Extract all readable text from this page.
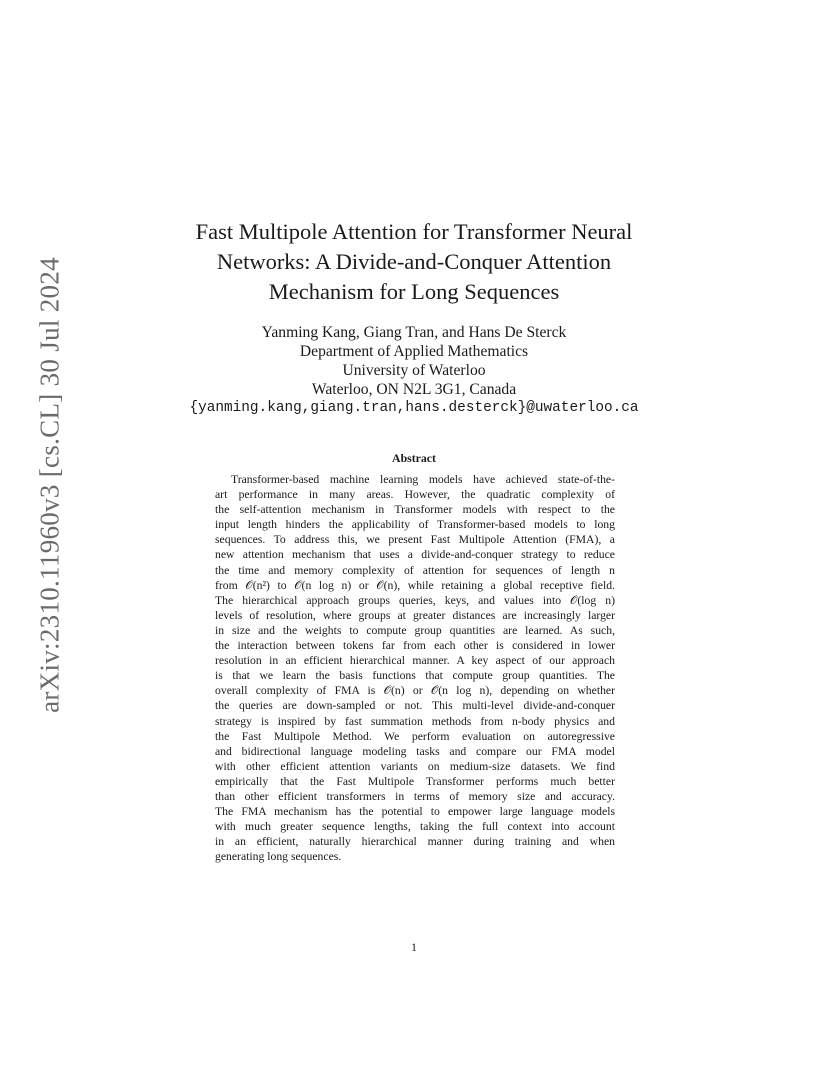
arXiv:2310.11960v3 [cs.CL] 30 Jul 2024
Fast Multipole Attention for Transformer Neural
Networks: A Divide-and-Conquer Attention
Mechanism for Long Sequences
Yanming Kang, Giang Tran, and Hans De Sterck
Department of Applied Mathematics
University of Waterloo
Waterloo, ON N2L 3G1, Canada
{yanming.kang,giang.tran,hans.desterck}@uwaterloo.ca
Abstract
Transformer-based machine learning models have achieved state-of-the-
art performance in many areas. However, the quadratic complexity of
the self-attention mechanism in Transformer models with respect to the
input length hinders the applicability of Transformer-based models to long
sequences. To address this, we present Fast Multipole Attention (FMA), a
new attention mechanism that uses a divide-and-conquer strategy to reduce
the time and memory complexity of attention for sequences of length n
from 𝒪(n²) to 𝒪(n log n) or 𝒪(n), while retaining a global receptive field.
The hierarchical approach groups queries, keys, and values into 𝒪(log n)
levels of resolution, where groups at greater distances are increasingly larger
in size and the weights to compute group quantities are learned. As such,
the interaction between tokens far from each other is considered in lower
resolution in an efficient hierarchical manner. A key aspect of our approach
is that we learn the basis functions that compute group quantities. The
overall complexity of FMA is 𝒪(n) or 𝒪(n log n), depending on whether
the queries are down-sampled or not. This multi-level divide-and-conquer
strategy is inspired by fast summation methods from n-body physics and
the Fast Multipole Method. We perform evaluation on autoregressive
and bidirectional language modeling tasks and compare our FMA model
with other efficient attention variants on medium-size datasets. We find
empirically that the Fast Multipole Transformer performs much better
than other efficient transformers in terms of memory size and accuracy.
The FMA mechanism has the potential to empower large language models
with much greater sequence lengths, taking the full context into account
in an efficient, naturally hierarchical manner during training and when
generating long sequences.
1
